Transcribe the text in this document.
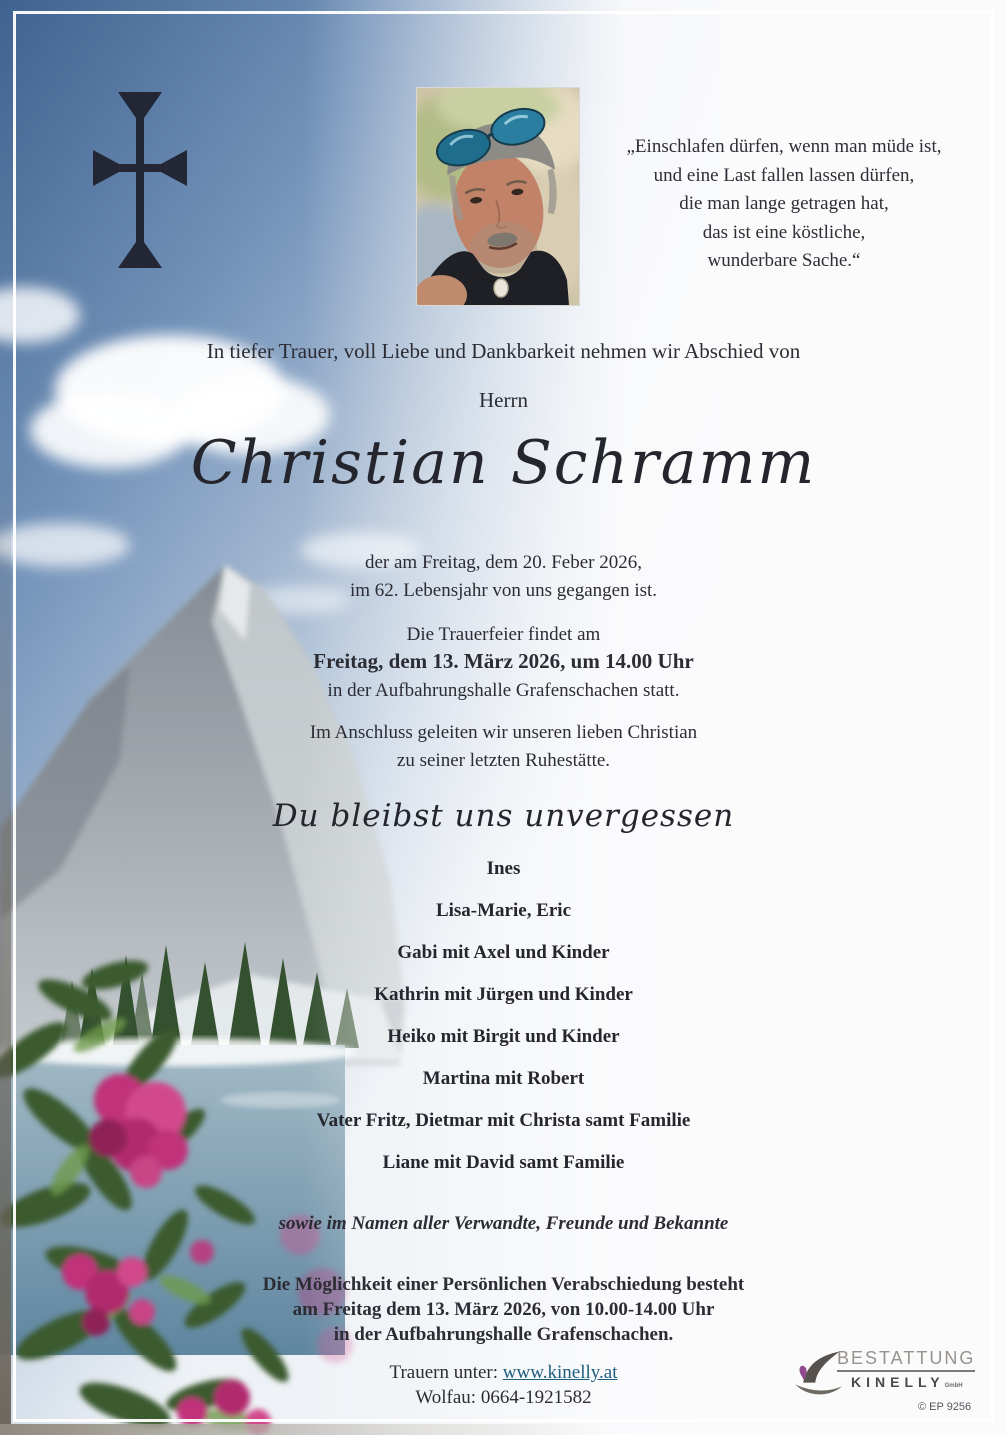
„Einschlafen dürfen, wenn man müde ist,
und eine Last fallen lassen dürfen,
die man lange getragen hat,
das ist eine köstliche,
wunderbare Sache.“
In tiefer Trauer, voll Liebe und Dankbarkeit nehmen wir Abschied von
Herrn
Christian Schramm
der am Freitag, dem 20. Feber 2026,
im 62. Lebensjahr von uns gegangen ist.
Die Trauerfeier findet am
Freitag, dem 13. März 2026, um 14.00 Uhr
in der Aufbahrungshalle Grafenschachen statt.
Im Anschluss geleiten wir unseren lieben Christian
zu seiner letzten Ruhestätte.
Du bleibst uns unvergessen
Ines
Lisa-Marie, Eric
Gabi mit Axel und Kinder
Kathrin mit Jürgen und Kinder
Heiko mit Birgit und Kinder
Martina mit Robert
Vater Fritz, Dietmar mit Christa samt Familie
Liane mit David samt Familie
sowie im Namen aller Verwandte, Freunde und Bekannte
Die Möglichkeit einer Persönlichen Verabschiedung besteht
am Freitag dem 13. März 2026, von 10.00-14.00 Uhr
in der Aufbahrungshalle Grafenschachen.
Trauern unter: www.kinelly.at
Wolfau: 0664-1921582
BESTATTUNG
KINELLYGmbH
© EP 9256
